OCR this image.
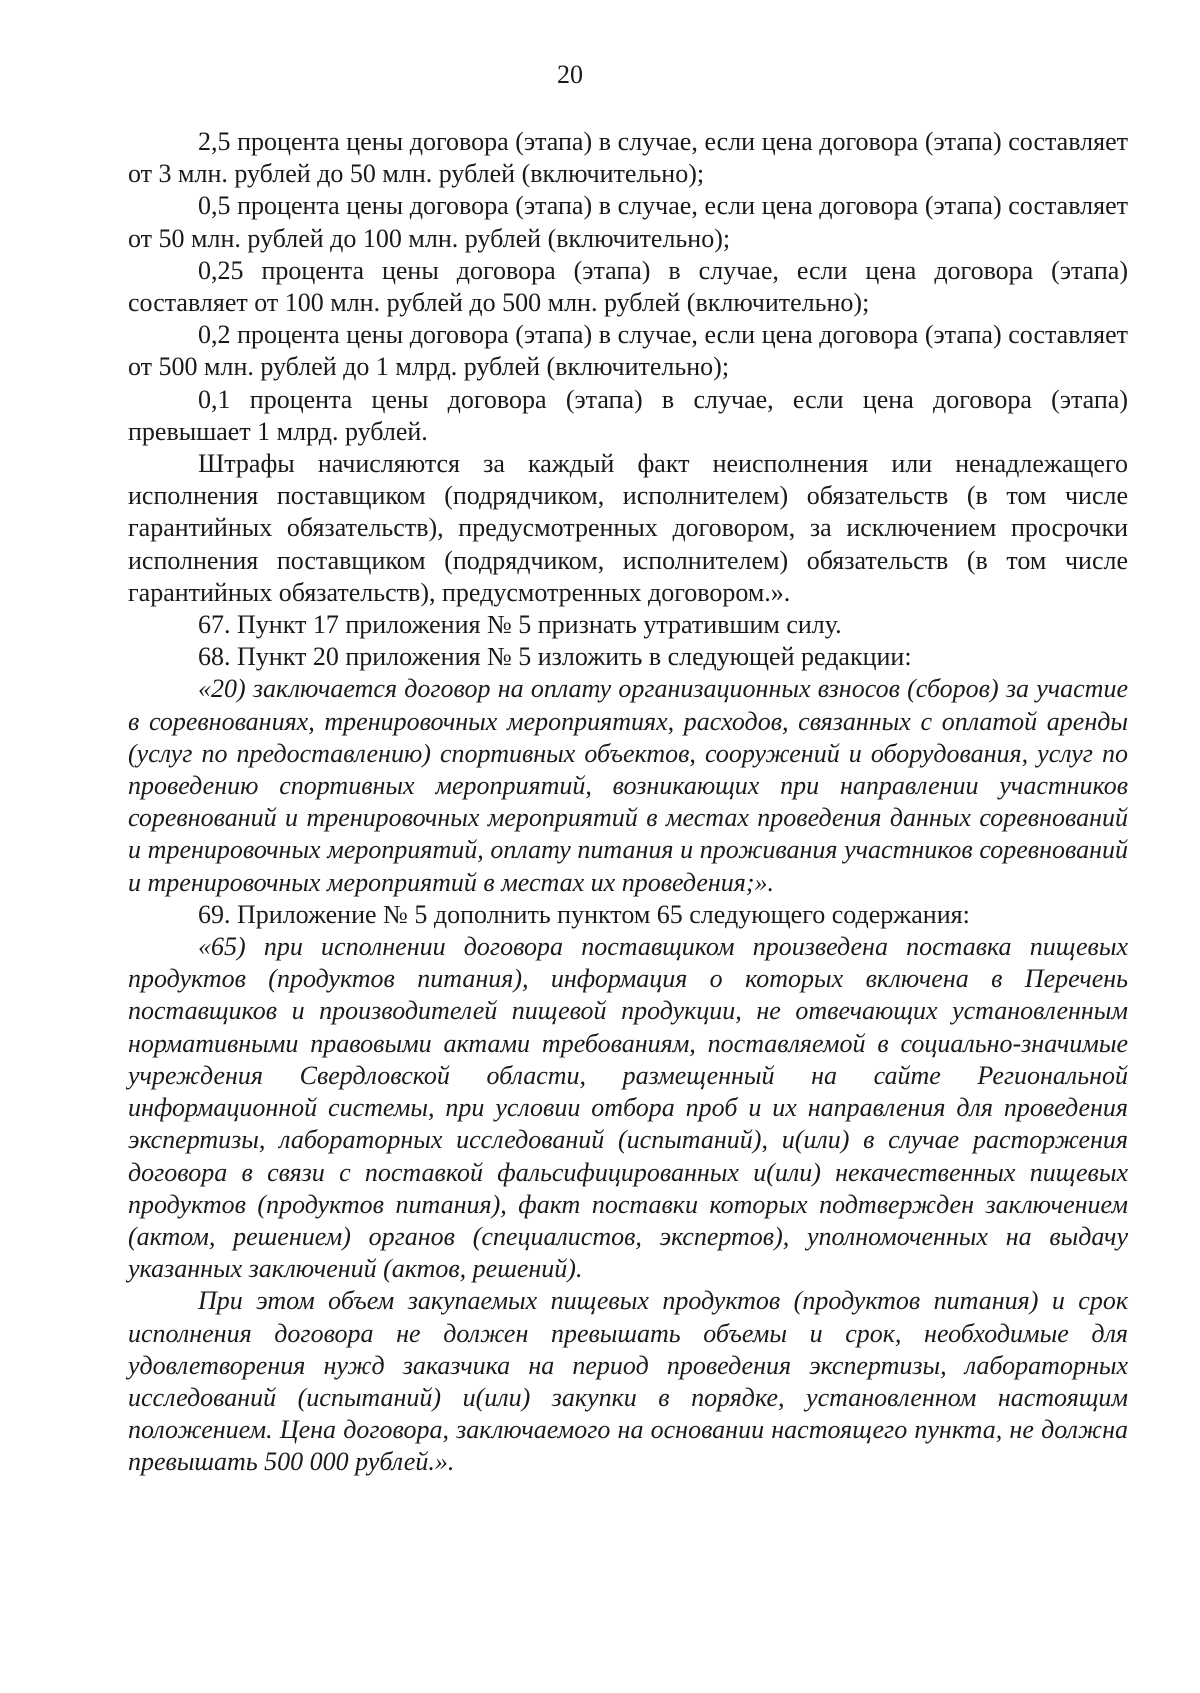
20

2,5 процента цены договора (этапа) в случае, если цена договора (этапа) составляет от 3 млн. рублей до 50 млн. рублей (включительно);

0,5 процента цены договора (этапа) в случае, если цена договора (этапа) составляет от 50 млн. рублей до 100 млн. рублей (включительно);

0,25 процента цены договора (этапа) в случае, если цена договора (этапа) составляет от 100 млн. рублей до 500 млн. рублей (включительно);

0,2 процента цены договора (этапа) в случае, если цена договора (этапа) составляет от 500 млн. рублей до 1 млрд. рублей (включительно);

0,1 процента цены договора (этапа) в случае, если цена договора (этапа) превышает 1 млрд. рублей.

Штрафы начисляются за каждый факт неисполнения или ненадлежащего исполнения поставщиком (подрядчиком, исполнителем) обязательств (в том числе гарантийных обязательств), предусмотренных договором, за исключением просрочки исполнения поставщиком (подрядчиком, исполнителем) обязательств (в том числе гарантийных обязательств), предусмотренных договором.».

67. Пункт 17 приложения № 5 признать утратившим силу.

68. Пункт 20 приложения № 5 изложить в следующей редакции:

«20) заключается договор на оплату организационных взносов (сборов) за участие в соревнованиях, тренировочных мероприятиях, расходов, связанных с оплатой аренды (услуг по предоставлению) спортивных объектов, сооружений и оборудования, услуг по проведению спортивных мероприятий, возникающих при направлении участников соревнований и тренировочных мероприятий в местах проведения данных соревнований и тренировочных мероприятий, оплату питания и проживания участников соревнований и тренировочных мероприятий в местах их проведения;».

69. Приложение № 5 дополнить пунктом 65 следующего содержания:

«65) при исполнении договора поставщиком произведена поставка пищевых продуктов (продуктов питания), информация о которых включена в Перечень поставщиков и производителей пищевой продукции, не отвечающих установленным нормативными правовыми актами требованиям, поставляемой в социально-значимые учреждения Свердловской области, размещенный на сайте Региональной информационной системы, при условии отбора проб и их направления для проведения экспертизы, лабораторных исследований (испытаний), и(или) в случае расторжения договора в связи с поставкой фальсифицированных и(или) некачественных пищевых продуктов (продуктов питания), факт поставки которых подтвержден заключением (актом, решением) органов (специалистов, экспертов), уполномоченных на выдачу указанных заключений (актов, решений).

При этом объем закупаемых пищевых продуктов (продуктов питания) и срок исполнения договора не должен превышать объемы и срок, необходимые для удовлетворения нужд заказчика на период проведения экспертизы, лабораторных исследований (испытаний) и(или) закупки в порядке, установленном настоящим положением. Цена договора, заключаемого на основании настоящего пункта, не должна превышать 500 000 рублей.».
